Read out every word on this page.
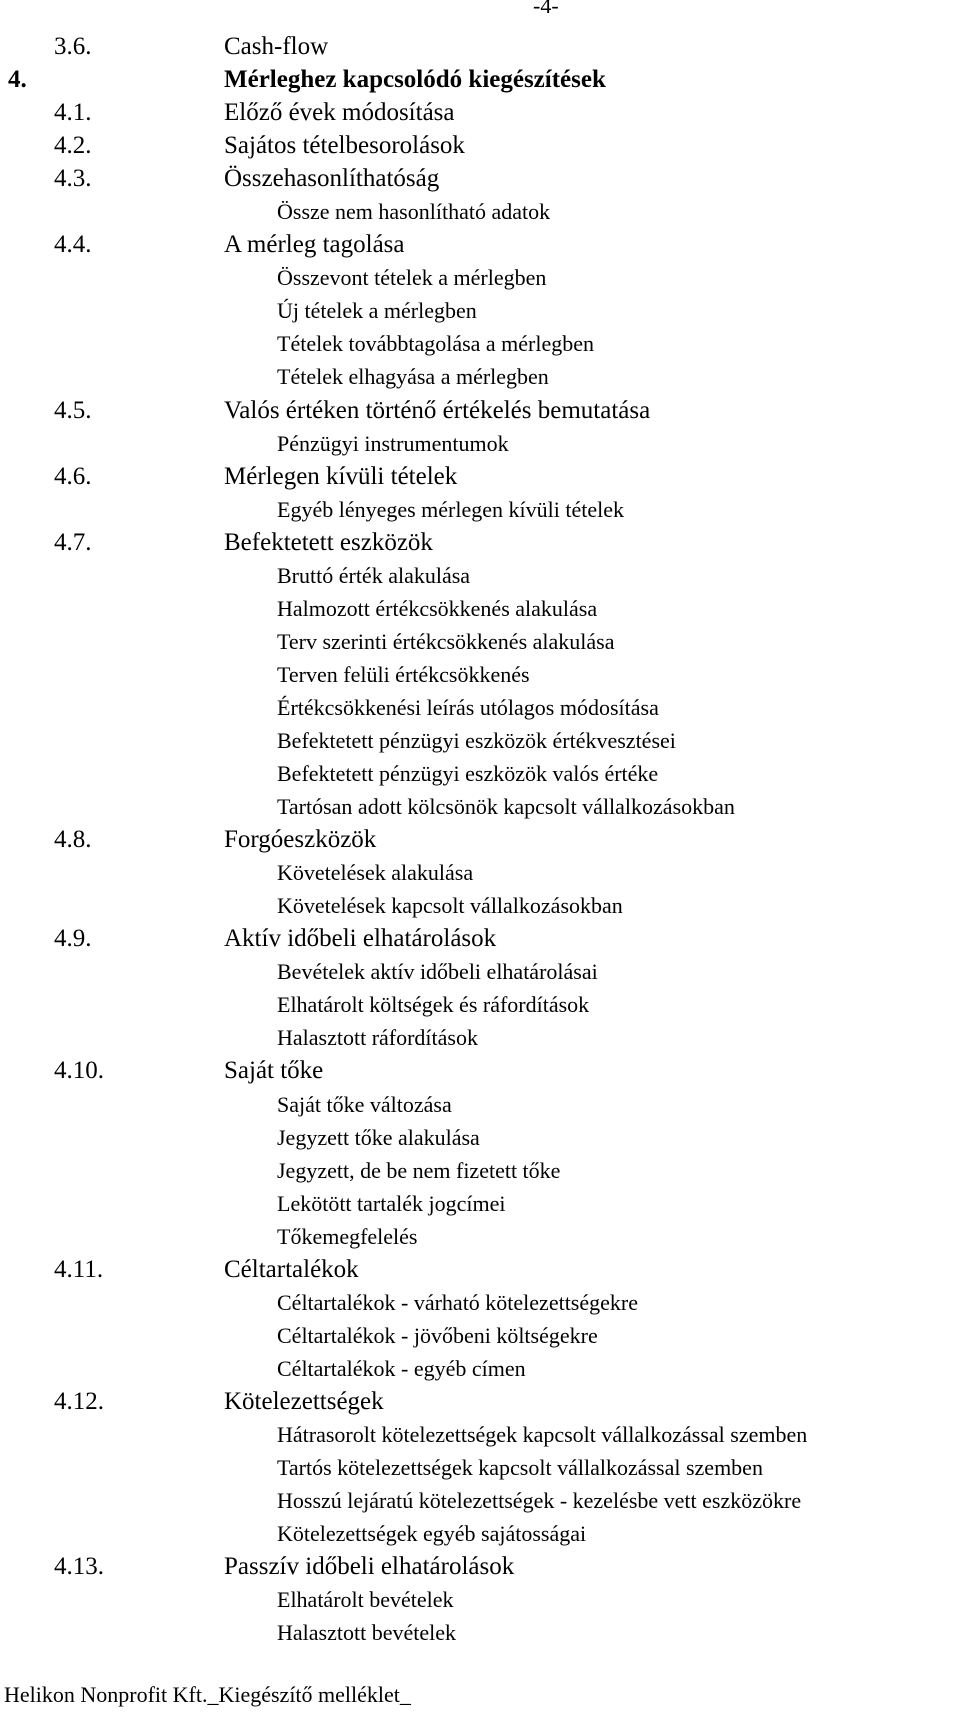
-4-
3.6.	Cash-flow
4.	Mérleghez kapcsolódó kiegészítések
4.1.	Előző évek módosítása
4.2.	Sajátos tételbesorolások
4.3.	Összehasonlíthatóság
Össze nem hasonlítható adatok
4.4.	A mérleg tagolása
Összevont tételek a mérlegben
Új tételek a mérlegben
Tételek továbbtagolása a mérlegben
Tételek elhagyása a mérlegben
4.5.	Valós értéken történő értékelés bemutatása
Pénzügyi instrumentumok
4.6.	Mérlegen kívüli tételek
Egyéb lényeges mérlegen kívüli tételek
4.7.	Befektetett eszközök
Bruttó érték alakulása
Halmozott értékcsökkenés alakulása
Terv szerinti értékcsökkenés alakulása
Terven felüli értékcsökkenés
Értékcsökkenési leírás utólagos módosítása
Befektetett pénzügyi eszközök értékvesztései
Befektetett pénzügyi eszközök valós értéke
Tartósan adott kölcsönök kapcsolt vállalkozásokban
4.8.	Forgóeszközök
Követelések alakulása
Követelések kapcsolt vállalkozásokban
4.9.	Aktív időbeli elhatárolások
Bevételek aktív időbeli elhatárolásai
Elhatárolt költségek és ráfordítások
Halasztott ráfordítások
4.10.	Saját tőke
Saját tőke változása
Jegyzett tőke alakulása
Jegyzett, de be nem fizetett tőke
Lekötött tartalék jogcímei
Tőkemegfelelés
4.11.	Céltartalékok
Céltartalékok - várható kötelezettségekre
Céltartalékok - jövőbeni költségekre
Céltartalékok - egyéb címen
4.12.	Kötelezettségek
Hátrasorolt kötelezettségek kapcsolt vállalkozással szemben
Tartós kötelezettségek kapcsolt vállalkozással szemben
Hosszú lejáratú kötelezettségek - kezelésbe vett eszközökre
Kötelezettségek egyéb sajátosságai
4.13.	Passzív időbeli elhatárolások
Elhatárolt bevételek
Halasztott bevételek
Helikon Nonprofit Kft._Kiegészítő melléklet_
